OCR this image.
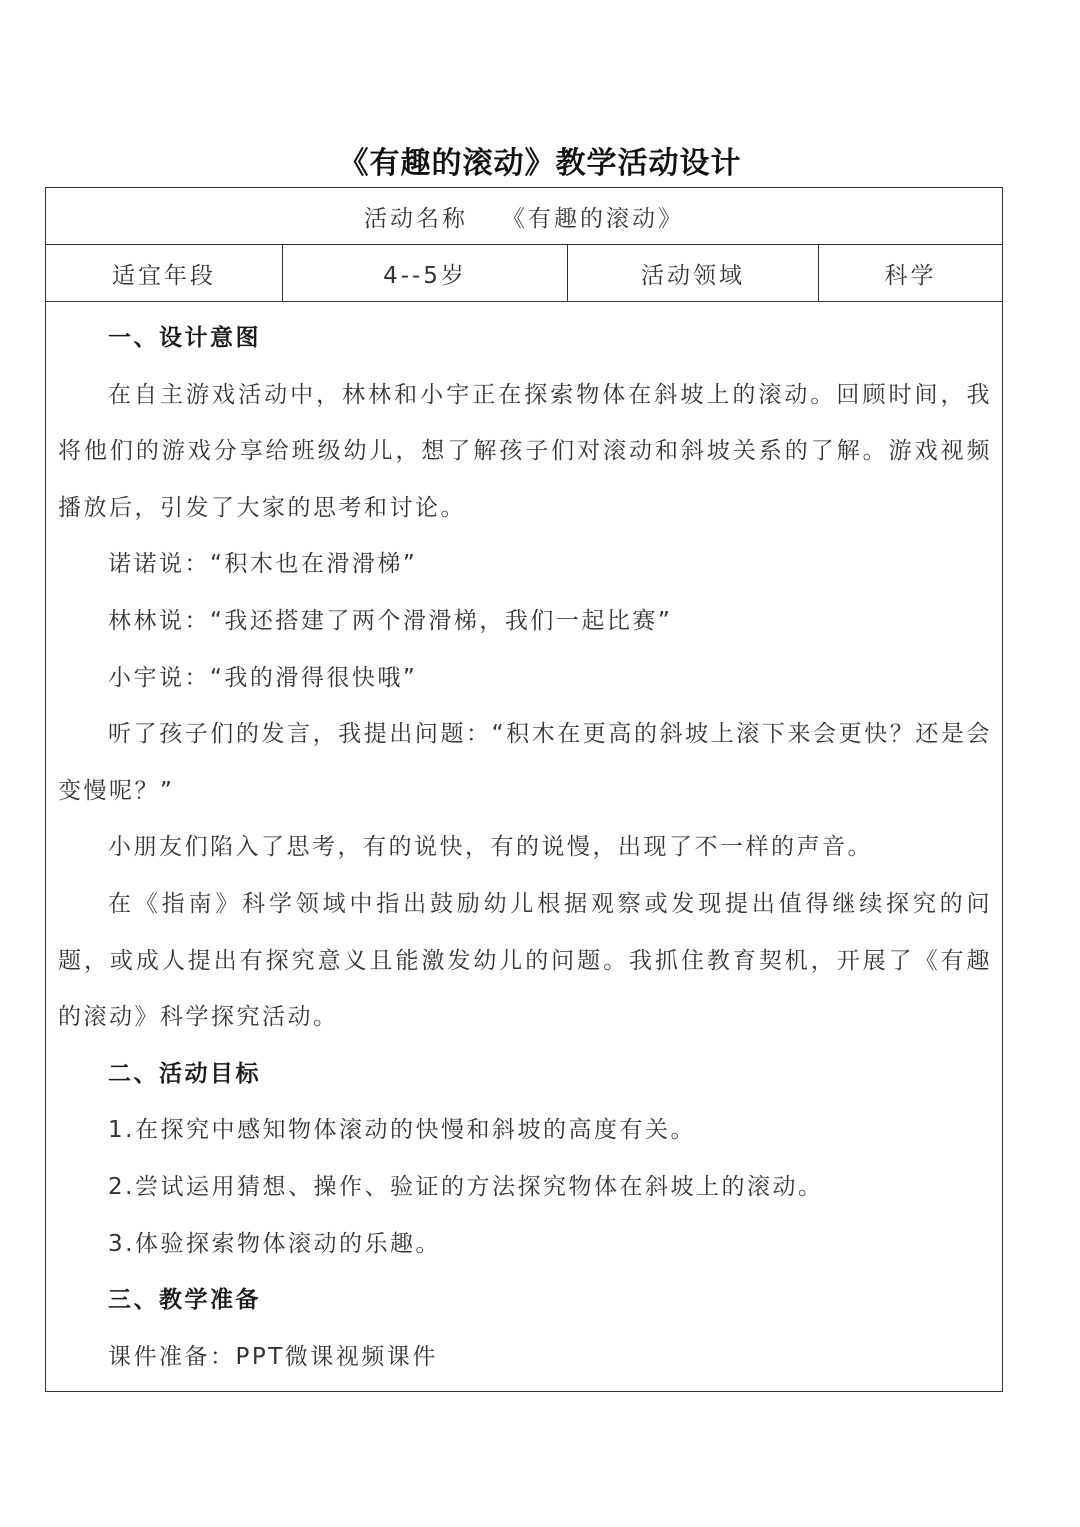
《有趣的滚动》教学活动设计
活动名称 《有趣的滚动》
适宜年段	4--5岁	活动领域	科学

一、设计意图

在自主游戏活动中，林林和小宇正在探索物体在斜坡上的滚动。回顾时间，我将他们的游戏分享给班级幼儿，想了解孩子们对滚动和斜坡关系的了解。游戏视频播放后，引发了大家的思考和讨论。

诺诺说：“积木也在滑滑梯”

林林说：“我还搭建了两个滑滑梯，我们一起比赛”

小宇说：“我的滑得很快哦”

听了孩子们的发言，我提出问题：“积木在更高的斜坡上滚下来会更快？还是会变慢呢？”

小朋友们陷入了思考，有的说快，有的说慢，出现了不一样的声音。

在《指南》科学领域中指出鼓励幼儿根据观察或发现提出值得继续探究的问题，或成人提出有探究意义且能激发幼儿的问题。我抓住教育契机，开展了《有趣的滚动》科学探究活动。

二、活动目标

1.在探究中感知物体滚动的快慢和斜坡的高度有关。

2.尝试运用猜想、操作、验证的方法探究物体在斜坡上的滚动。

3.体验探索物体滚动的乐趣。

三、教学准备

课件准备：PPT微课视频课件
